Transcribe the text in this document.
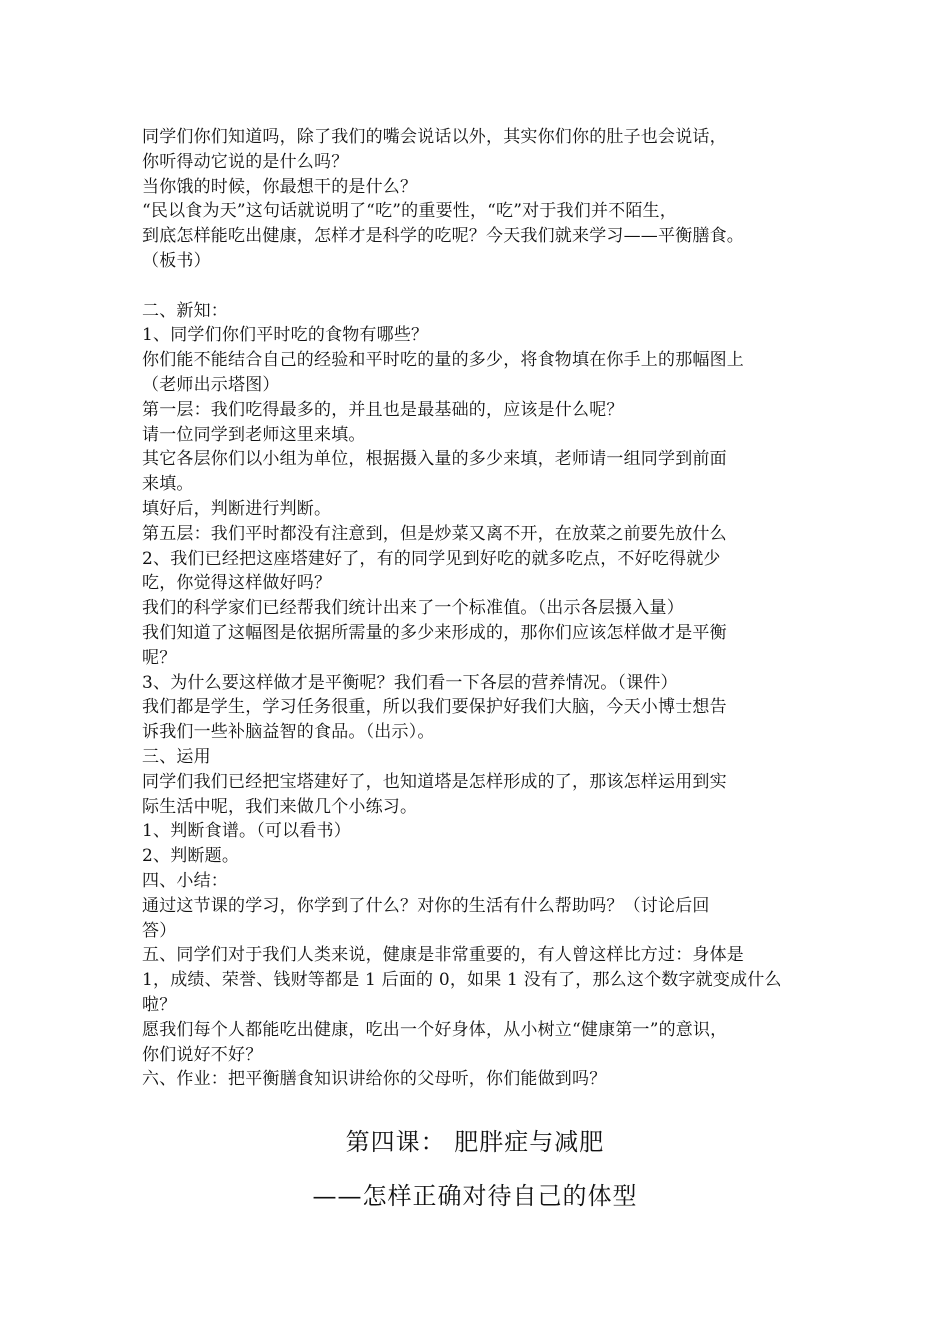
同学们你们知道吗，除了我们的嘴会说话以外，其实你们你的肚子也会说话，
你听得动它说的是什么吗？
当你饿的时候，你最想干的是什么？
“民以食为天”这句话就说明了“吃”的重要性，“吃”对于我们并不陌生，
到底怎样能吃出健康，怎样才是科学的吃呢？今天我们就来学习——平衡膳食。
（板书）
二、新知：
1、同学们你们平时吃的食物有哪些？
你们能不能结合自己的经验和平时吃的量的多少，将食物填在你手上的那幅图上
（老师出示塔图）
第一层：我们吃得最多的，并且也是最基础的，应该是什么呢？
请一位同学到老师这里来填。
其它各层你们以小组为单位，根据摄入量的多少来填，老师请一组同学到前面
来填。
填好后，判断进行判断。
第五层：我们平时都没有注意到，但是炒菜又离不开，在放菜之前要先放什么
2、我们已经把这座塔建好了，有的同学见到好吃的就多吃点，不好吃得就少
吃，你觉得这样做好吗？
我们的科学家们已经帮我们统计出来了一个标准值。（出示各层摄入量）
我们知道了这幅图是依据所需量的多少来形成的，那你们应该怎样做才是平衡
呢？
3、为什么要这样做才是平衡呢？我们看一下各层的营养情况。（课件）
我们都是学生，学习任务很重，所以我们要保护好我们大脑，今天小博士想告
诉我们一些补脑益智的食品。（出示）。
三、运用
同学们我们已经把宝塔建好了，也知道塔是怎样形成的了，那该怎样运用到实
际生活中呢，我们来做几个小练习。
1、判断食谱。（可以看书）
2、判断题。
四、小结：
通过这节课的学习，你学到了什么？对你的生活有什么帮助吗？（讨论后回
答）
五、同学们对于我们人类来说，健康是非常重要的，有人曾这样比方过：身体是
1，成绩、荣誉、钱财等都是 1 后面的 0，如果 1 没有了，那么这个数字就变成什么
啦？
愿我们每个人都能吃出健康，吃出一个好身体，从小树立“健康第一”的意识，
你们说好不好？
六、作业：把平衡膳食知识讲给你的父母听，你们能做到吗？
第四课： 肥胖症与减肥
——怎样正确对待自己的体型
